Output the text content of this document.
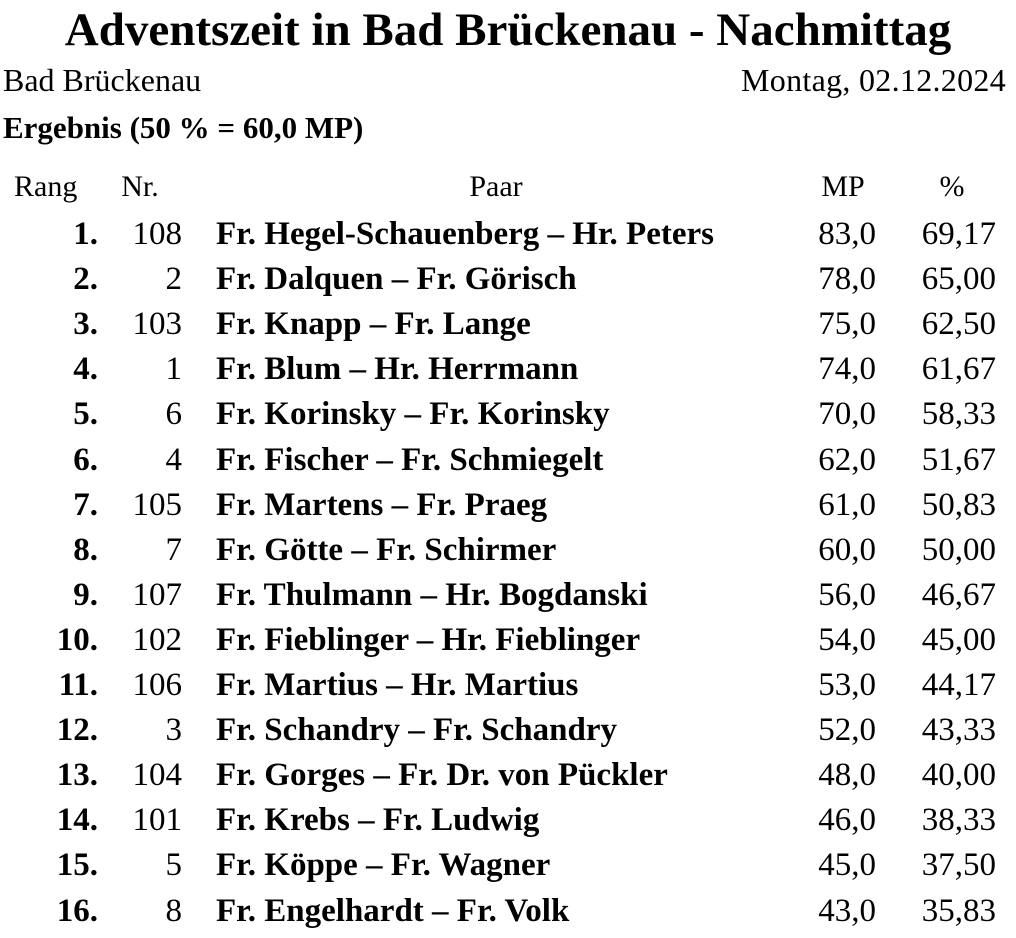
Adventszeit in Bad Brückenau - Nachmittag
Bad Brückenau	Montag, 02.12.2024
Ergebnis (50 % = 60,0 MP)
Rang	Nr.	Paar	MP	%
1.	108 Fr. Hegel-Schauenberg – Hr. Peters	83,0	69,17
2.	2 Fr. Dalquen – Fr. Görisch	78,0	65,00
3.	103 Fr. Knapp – Fr. Lange	75,0	62,50
4.	1 Fr. Blum – Hr. Herrmann	74,0	61,67
5.	6 Fr. Korinsky – Fr. Korinsky	70,0	58,33
6.	4 Fr. Fischer – Fr. Schmiegelt	62,0	51,67
7.	105 Fr. Martens – Fr. Praeg	61,0	50,83
8.	7 Fr. Götte – Fr. Schirmer	60,0	50,00
9.	107 Fr. Thulmann – Hr. Bogdanski	56,0	46,67
10.	102 Fr. Fieblinger – Hr. Fieblinger	54,0	45,00
11.	106 Fr. Martius – Hr. Martius	53,0	44,17
12.	3 Fr. Schandry – Fr. Schandry	52,0	43,33
13.	104 Fr. Gorges – Fr. Dr. von Pückler	48,0	40,00
14.	101 Fr. Krebs – Fr. Ludwig	46,0	38,33
15.	5 Fr. Köppe – Fr. Wagner	45,0	37,50
16.	8 Fr. Engelhardt – Fr. Volk	43,0	35,83
